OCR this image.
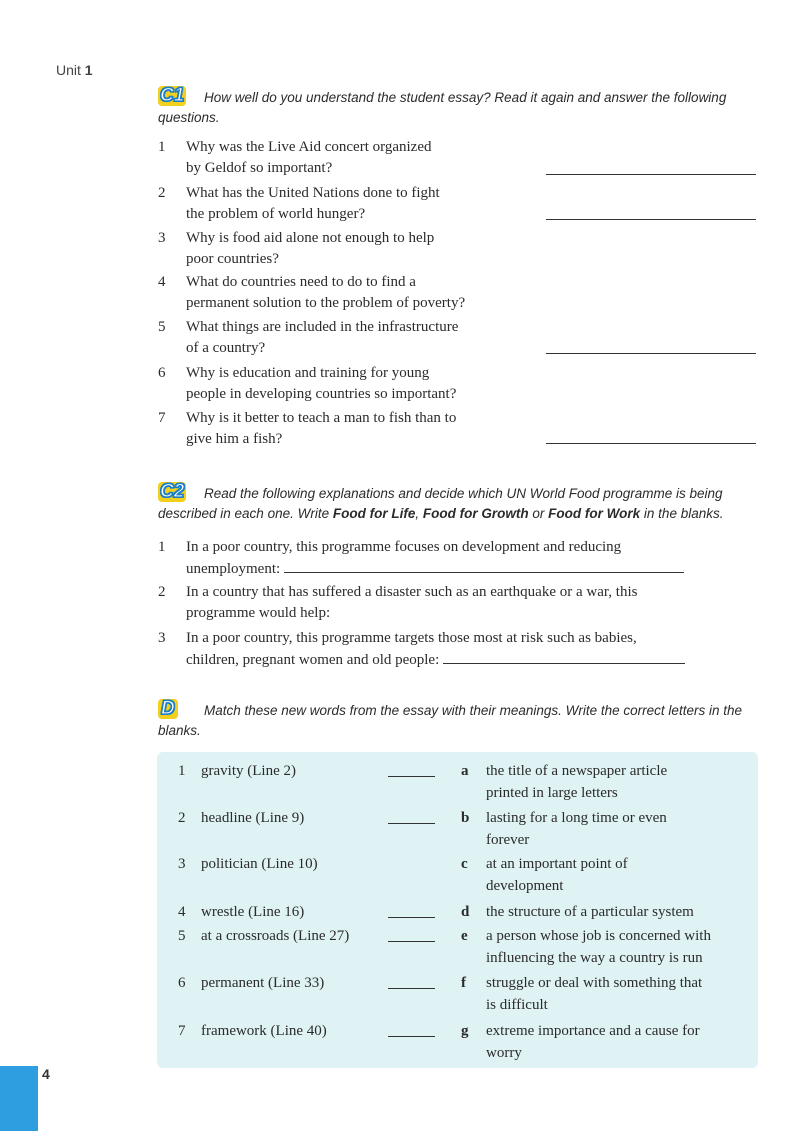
Unit 1
C1	How well do you understand the student essay? Read it again and answer the following questions.
1	Why was the Live Aid concert organized
by Geldof so important?
2	What has the United Nations done to fight
the problem of world hunger?
3	Why is food aid alone not enough to help
poor countries?
4	What do countries need to do to find a
permanent solution to the problem of poverty?
5	What things are included in the infrastructure
of a country?
6	Why is education and training for young
people in developing countries so important?
7	Why is it better to teach a man to fish than to
give him a fish?
C2	Read the following explanations and decide which UN World Food programme is being described in each one. Write Food for Life, Food for Growth or Food for Work in the blanks.
1	In a poor country, this programme focuses on development and reducing
unemployment:
2	In a country that has suffered a disaster such as an earthquake or a war, this
programme would help:
3	In a poor country, this programme targets those most at risk such as babies,
children, pregnant women and old people:
D	Match these new words from the essay with their meanings. Write the correct letters in the blanks.
1 gravity (Line 2)	a the title of a newspaper article
printed in large letters
2 headline (Line 9)	b lasting for a long time or even
forever
3 politician (Line 10)	c at an important point of
development
4 wrestle (Line 16)	d the structure of a particular system
5 at a crossroads (Line 27)	e a person whose job is concerned with
influencing the way a country is run
6 permanent (Line 33)	f struggle or deal with something that
is difficult
7 framework (Line 40)	g extreme importance and a cause for
worry
4
